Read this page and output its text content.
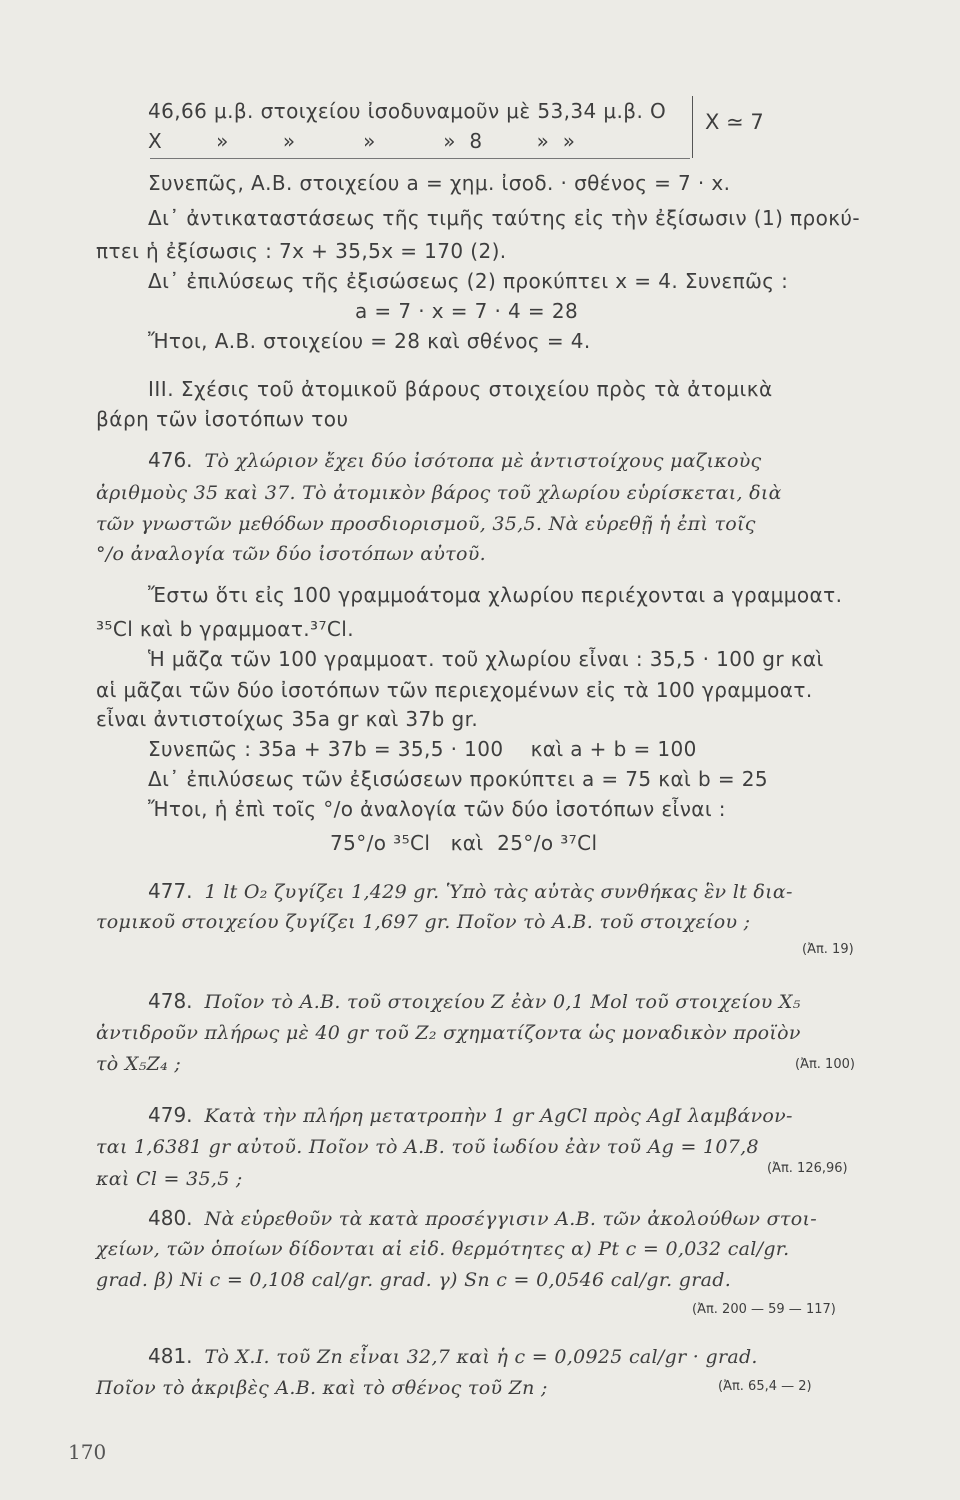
46,66 μ.β. στοιχείου ἰσοδυναμοῦν μὲ 53,34 μ.β. O
X        »        »          »          »  8        »  »
X ≃ 7
Συνεπῶς, Α.Β. στοιχείου a = χημ. ἰσοδ. · σθένος = 7 · x.
Δι᾽ ἀντικαταστάσεως τῆς τιμῆς ταύτης εἰς τὴν ἐξίσωσιν (1) προκύ-
πτει ἡ ἐξίσωσις : 7x + 35,5x = 170 (2).
Δι᾽ ἐπιλύσεως τῆς ἐξισώσεως (2) προκύπτει x = 4. Συνεπῶς :
a = 7 · x = 7 · 4 = 28
Ἤτοι, Α.Β. στοιχείου = 28 καὶ σθένος = 4.
III. Σχέσις τοῦ ἀτομικοῦ βάρους στοιχείου πρὸς τὰ ἀτομικὰ
βάρη τῶν ἰσοτόπων του
476. Τὸ χλώριον ἔχει δύο ἰσότοπα μὲ ἀντιστοίχους μαζικοὺς
ἀριθμοὺς 35 καὶ 37. Τὸ ἀτομικὸν βάρος τοῦ χλωρίου εὑρίσκεται, διὰ
τῶν γνωστῶν μεθόδων προσδιορισμοῦ, 35,5. Νὰ εὑρεθῇ ἡ ἐπὶ τοῖς
°/o ἀναλογία τῶν δύο ἰσοτόπων αὐτοῦ.
Ἔστω ὅτι εἰς 100 γραμμοάτομα χλωρίου περιέχονται a γραμμοατ.
³⁵Cl καὶ b γραμμοατ.³⁷Cl.
Ἡ μᾶζα τῶν 100 γραμμοατ. τοῦ χλωρίου εἶναι : 35,5 · 100 gr καὶ
αἱ μᾶζαι τῶν δύο ἰσοτόπων τῶν περιεχομένων εἰς τὰ 100 γραμμοατ.
εἶναι ἀντιστοίχως 35a gr καὶ 37b gr.
Συνεπῶς : 35a + 37b = 35,5 · 100    καὶ a + b = 100
Δι᾽ ἐπιλύσεως τῶν ἐξισώσεων προκύπτει a = 75 καὶ b = 25
Ἤτοι, ἡ ἐπὶ τοῖς °/o ἀναλογία τῶν δύο ἰσοτόπων εἶναι :
75°/o ³⁵Cl   καὶ  25°/o ³⁷Cl
477. 1 lt O₂ ζυγίζει 1,429 gr. Ὑπὸ τὰς αὐτὰς συνθήκας ἓν lt δια-
τομικοῦ στοιχείου ζυγίζει 1,697 gr. Ποῖον τὸ Α.Β. τοῦ στοιχείου ;
(Ἀπ. 19)
478. Ποῖον τὸ Α.Β. τοῦ στοιχείου Z ἐὰν 0,1 Mol τοῦ στοιχείου X₅
ἀντιδροῦν πλήρως μὲ 40 gr τοῦ Z₂ σχηματίζοντα ὡς μοναδικὸν προϊὸν
τὸ X₅Z₄ ;	(Ἀπ. 100)
479. Κατὰ τὴν πλήρη μετατροπὴν 1 gr AgCl πρὸς AgI λαμβάνον-
ται 1,6381 gr αὐτοῦ. Ποῖον τὸ Α.Β. τοῦ ἰωδίου ἐὰν τοῦ Ag = 107,8
καὶ Cl = 35,5 ;	(Ἀπ. 126,96)
480. Νὰ εὑρεθοῦν τὰ κατὰ προσέγγισιν Α.Β. τῶν ἀκολούθων στοι-
χείων, τῶν ὁποίων δίδονται αἱ εἰδ. θερμότητες α) Pt c = 0,032 cal/gr.
grad. β) Ni c = 0,108 cal/gr. grad. γ) Sn c = 0,0546 cal/gr. grad.
(Ἀπ. 200 — 59 — 117)
481. Τὸ X.I. τοῦ Zn εἶναι 32,7 καὶ ἡ c = 0,0925 cal/gr · grad.
Ποῖον τὸ ἀκριβὲς Α.Β. καὶ τὸ σθένος τοῦ Zn ;	(Ἀπ. 65,4 — 2)
170
